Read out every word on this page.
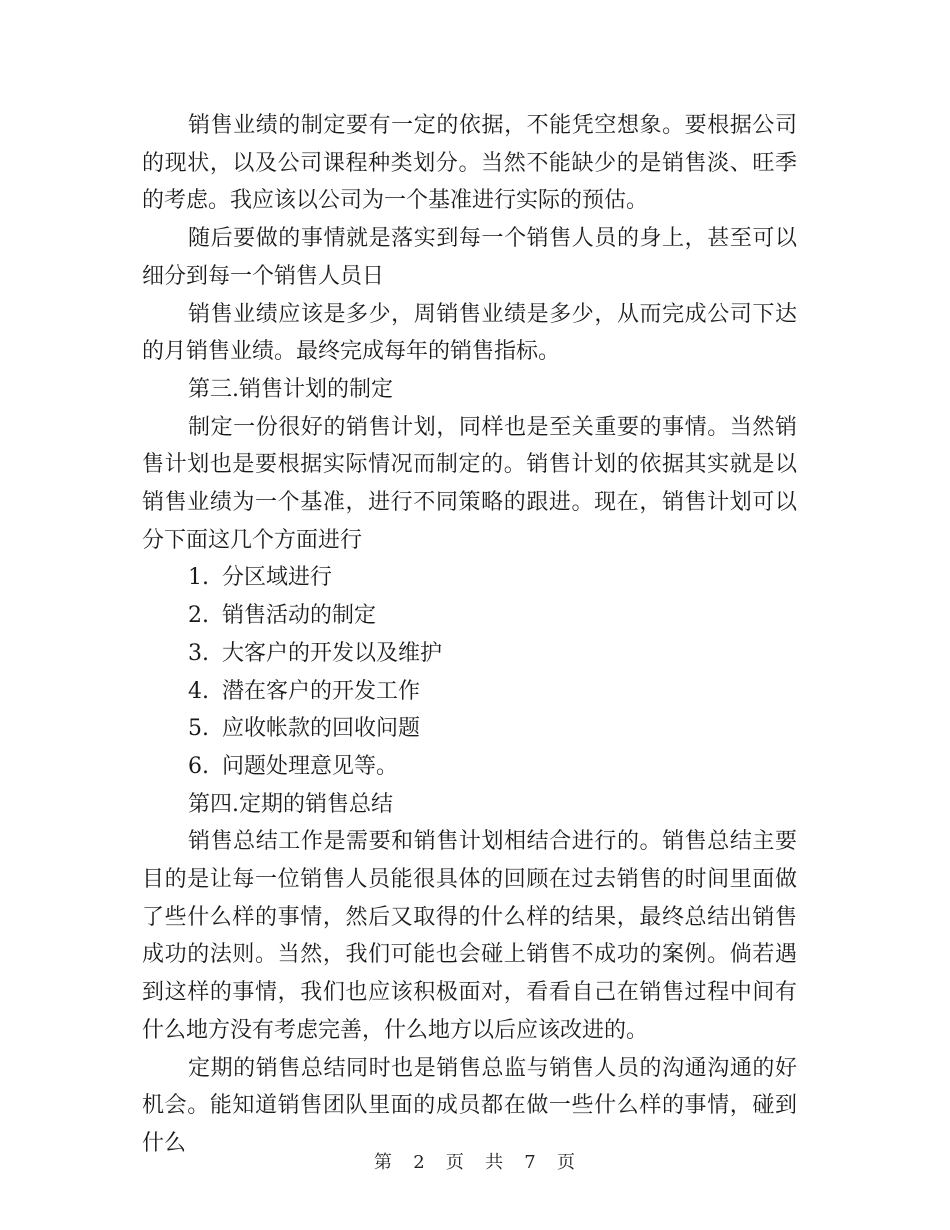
销售业绩的制定要有一定的依据，不能凭空想象。要根据公司的现状，以及公司课程种类划分。当然不能缺少的是销售淡、旺季的考虑。我应该以公司为一个基准进行实际的预估。

随后要做的事情就是落实到每一个销售人员的身上，甚至可以细分到每一个销售人员日

销售业绩应该是多少，周销售业绩是多少，从而完成公司下达的月销售业绩。最终完成每年的销售指标。

第三.销售计划的制定

制定一份很好的销售计划，同样也是至关重要的事情。当然销售计划也是要根据实际情况而制定的。销售计划的依据其实就是以销售业绩为一个基准，进行不同策略的跟进。现在，销售计划可以分下面这几个方面进行

1. 分区域进行
2. 销售活动的制定
3. 大客户的开发以及维护
4. 潜在客户的开发工作
5. 应收帐款的回收问题
6. 问题处理意见等。

第四.定期的销售总结

销售总结工作是需要和销售计划相结合进行的。销售总结主要目的是让每一位销售人员能很具体的回顾在过去销售的时间里面做了些什么样的事情，然后又取得的什么样的结果，最终总结出销售成功的法则。当然，我们可能也会碰上销售不成功的案例。倘若遇到这样的事情，我们也应该积极面对，看看自己在销售过程中间有什么地方没有考虑完善，什么地方以后应该改进的。

定期的销售总结同时也是销售总监与销售人员的沟通沟通的好机会。能知道销售团队里面的成员都在做一些什么样的事情，碰到什么

第 2 页 共 7 页
